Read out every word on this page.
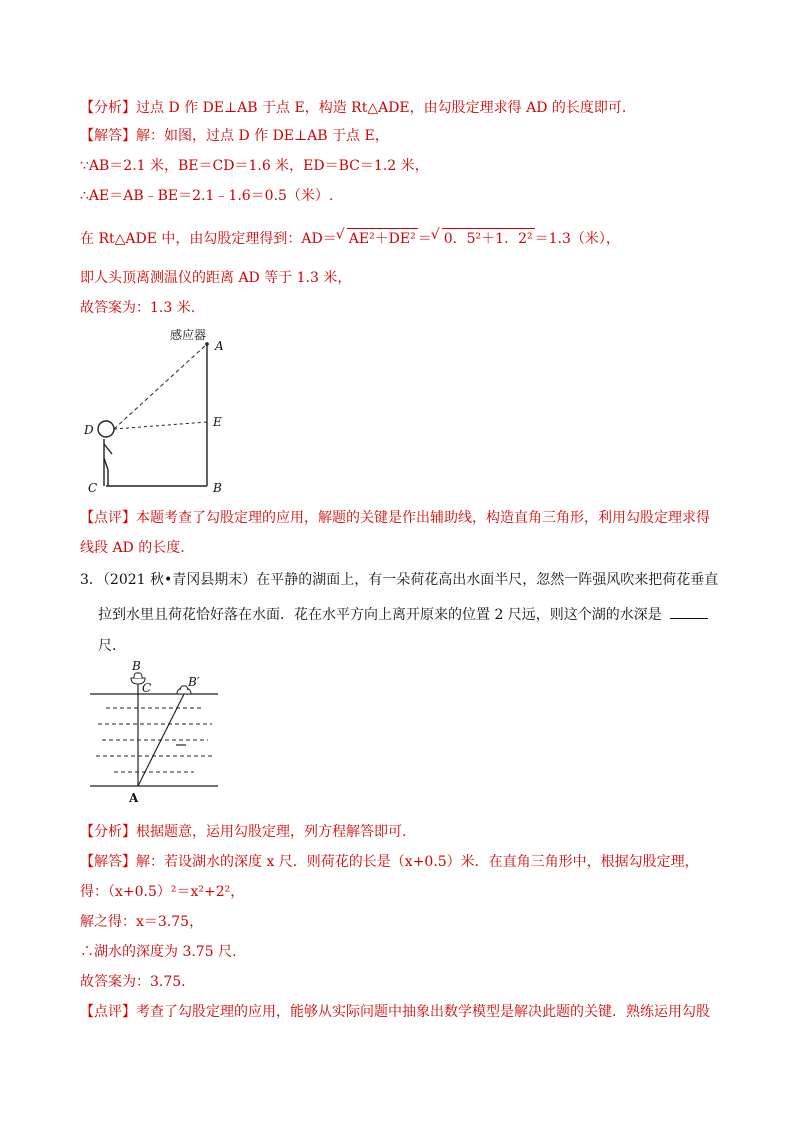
【分析】过点 D 作 DE⊥AB 于点 E，构造 Rt△ADE，由勾股定理求得 AD 的长度即可.
【解答】解：如图，过点 D 作 DE⊥AB 于点 E，
∵AB＝2.1 米，BE＝CD＝1.6 米，ED＝BC＝1.2 米，
∴AE＝AB﹣BE＝2.1﹣1.6＝0.5（米）.
在 Rt△ADE 中，由勾股定理得到：AD＝ √ AE²＋DE² ＝ √ 0．5²＋1．2² ＝1.3（米），
即人头顶离测温仪的距离 AD 等于 1.3 米，
故答案为：1.3 米.
感应器
A
E
B
D
C
【点评】本题考查了勾股定理的应用，解题的关键是作出辅助线，构造直角三角形，利用勾股定理求得
线段 AD 的长度.
3．（2021 秋•青冈县期末）在平静的湖面上，有一朵荷花高出水面半尺，忽然一阵强风吹来把荷花垂直
拉到水里且荷花恰好落在水面．花在水平方向上离开原来的位置 2 尺远，则这个湖的水深是
尺.
B
C	B′
A
【分析】根据题意，运用勾股定理，列方程解答即可.
【解答】解：若设湖水的深度 x 尺．则荷花的长是（x+0.5）米．在直角三角形中，根据勾股定理，
得：（x+0.5）²＝x²+2²，
解之得：x＝3.75，
∴湖水的深度为 3.75 尺.
故答案为：3.75.
【点评】考查了勾股定理的应用，能够从实际问题中抽象出数学模型是解决此题的关键．熟练运用勾股
